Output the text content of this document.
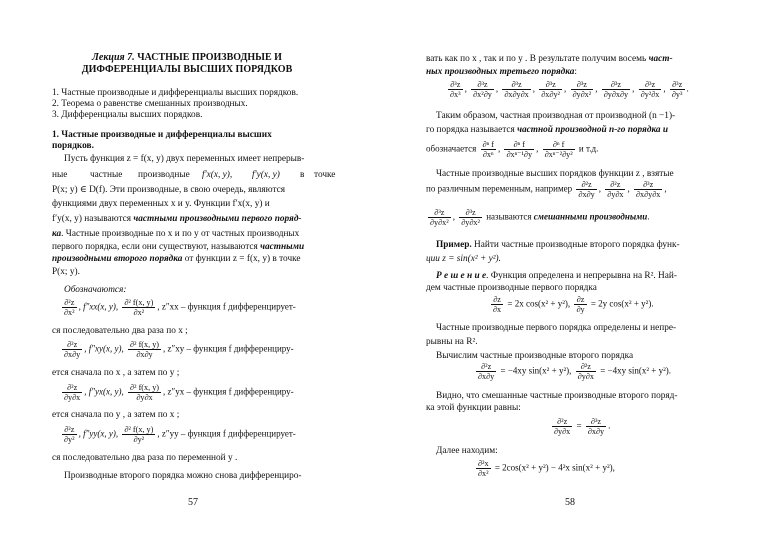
Лекция 7. ЧАСТНЫЕ ПРОИЗВОДНЫЕ И
ДИФФЕРЕНЦИАЛЫ ВЫСШИХ ПОРЯДКОВ
1. Частные производные и дифференциалы высших порядков.
2. Теорема о равенстве смешанных производных.
3. Дифференциалы высших порядков.
1. Частные производные и дифференциалы высших
порядков.
Пусть функция z = f(x, y) двух переменных имеет непрерыв-
ные частные производные f′x(x, y), f′y(x, y) в точке
P(x; y) ∈ D(f). Эти производные, в свою очередь, являются
функциями двух переменных x и y. Функции f′x(x, y) и
f′y(x, y) называются частными производными первого поряд-
ка. Частные производные по x и по y от частных производных
первого порядка, если они существуют, называются частными
производными второго порядка от функции z = f(x, y) в точке
P(x; y).
Обозначаются:
$\frac{\text{∂²z}}{\text{∂x²}}$ , f″xx(x, y), $\frac{\text{∂² f(x, y)}}{\text{∂x²}}$ , z″xx – функция f дифференцирует-
ся последовательно два раза по x ;
$\frac{\text{∂²z}}{\partial x\partial y}$ , f″xy(x, y), $\frac{\text{∂² f(x, y)}}{\partial x\partial y}$ , z″xy – функция f дифференциру-
ется сначала по x , а затем по y ;
$\frac{\text{∂²z}}{\partial y\partial x}$ , f″yx(x, y), $\frac{\text{∂² f(x, y)}}{\partial y\partial x}$ , z″yx – функция f дифференциру-
ется сначала по y , а затем по x ;
$\frac{\text{∂²z}}{\text{∂y²}}$ , f″yy(x, y), $\frac{\text{∂² f(x, y)}}{\text{∂y²}}$ , z″yy – функция f дифференцирует-
ся последовательно два раза по переменной y .
Производные второго порядка можно снова дифференциро-
57
вать как по x , так и по y . В результате получим восемь част-
ных производных третьего порядка:
$\frac{\text{∂³z}}{\text{∂x³}}$ , $\frac{\text{∂³z}}{\text{∂x²∂y}}$ , $\frac{\text{∂³z}}{\partial x\partial y\partial x}$ , $\frac{\text{∂³z}}{\text{∂x∂y²}}$ , $\frac{\text{∂³z}}{\text{∂y∂x²}}$ , $\frac{\text{∂³z}}{\partial y\partial x\partial y}$ , $\frac{\text{∂³z}}{\text{∂y²∂x}}$ , $\frac{\text{∂³z}}{\text{∂y³}}$ .
Таким образом, частная производная от производной (n −1)-
го порядка называется частной производной n-го порядка и
обозначается $\frac{\text{∂ⁿ f}}{\text{∂xⁿ}}$ , $\frac{\text{∂ⁿ f}}{\text{∂xⁿ⁻¹∂y}}$ , $\frac{\text{∂ⁿ f}}{\text{∂xⁿ⁻²∂y²}}$ и т.д.
Частные производные высших порядков функции z , взятые
по различным переменным, например $\frac{\text{∂²z}}{\partial x\partial y}$ , $\frac{\text{∂²z}}{\partial y\partial x}$ , $\frac{\text{∂³z}}{\partial x\partial y\partial x}$ ,
$\frac{\text{∂³z}}{\text{∂y∂x²}}$ , $\frac{\text{∂³z}}{\text{∂y∂x²}}$ называются смешанными производными.
Пример. Найти частные производные второго порядка функ-
ции z = sin(x² + y²).
Р е ш е н и е. Функция определена и непрерывна на R². Най-
дем частные производные первого порядка
$\frac{\partial z}{\partial x} = 2x$ cos(x² + y²), $\frac{\partial z}{\partial y} = 2y$ cos(x² + y²).
Частные производные первого порядка определены и непре-
рывны на R².
Вычислим частные производные второго порядка
$\frac{\text{∂²z}}{\partial x\partial y} = -4xy$ sin(x² + y²), $\frac{\text{∂²z}}{\partial y\partial x} = -4xy$ sin(x² + y²).
Видно, что смешанные частные производные второго поряд-
ка этой функции равны:
$\frac{\text{∂²z}}{\partial y\partial x} = \frac{\text{∂²z}}{\partial x\partial y}$ .
Далее находим:
$\frac{\text{∂²x}}{\text{∂x²}} = 2\cos(x^2 + y^2) - 4^2x$ sin(x² + y²),
58
